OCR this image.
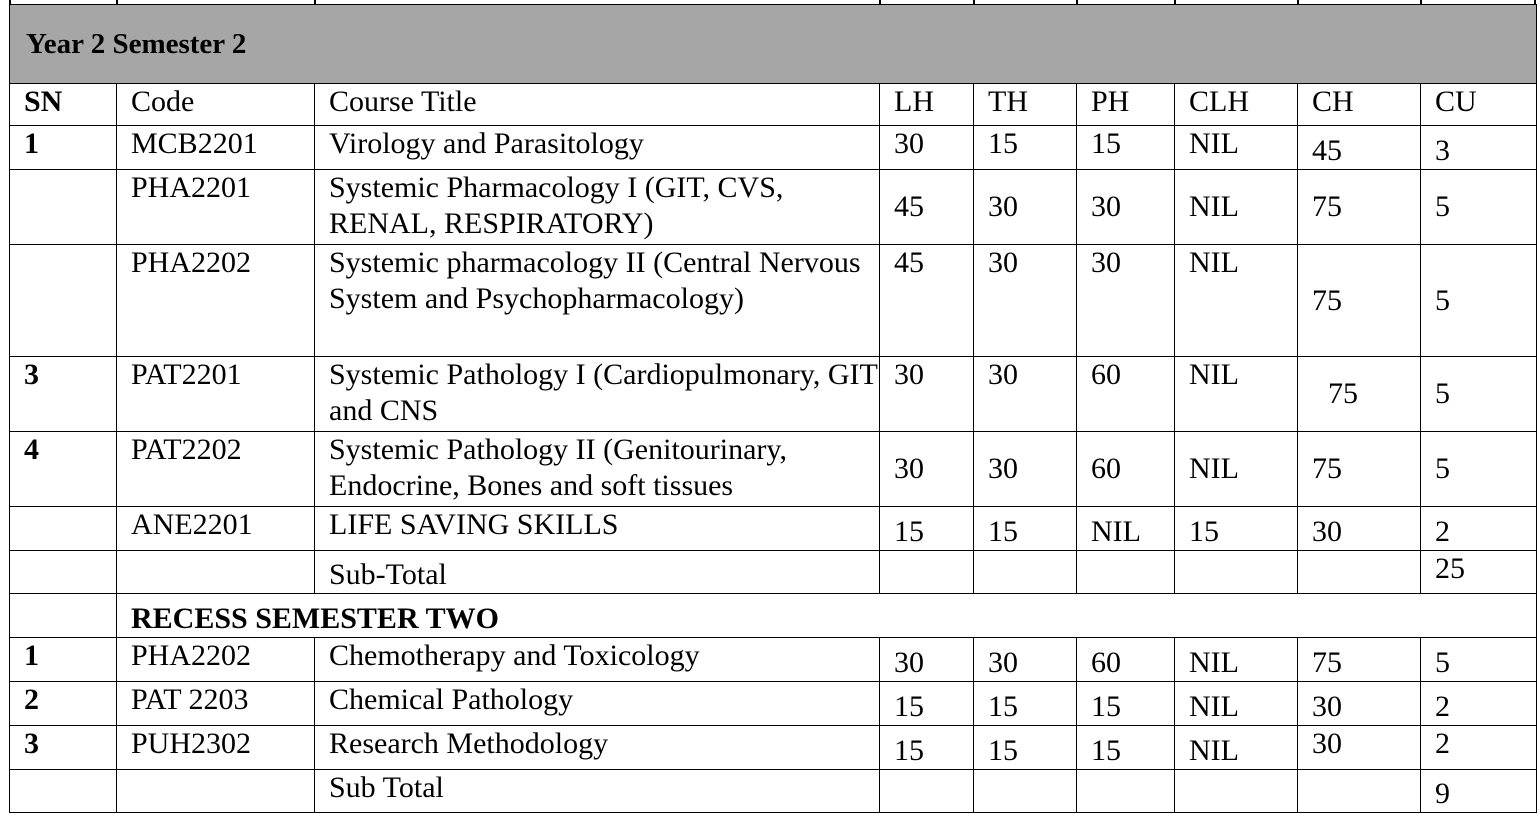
Year 2 Semester 2								
SN	Code	Course Title	LH	TH	PH	CLH	CH	CU
1	MCB2201	Virology and Parasitology	30	15	15	NIL	45	3
	PHA2201	Systemic Pharmacology I (GIT, CVS, RENAL, RESPIRATORY)	45	30	30	NIL	75	5
	PHA2202	Systemic pharmacology II (Central Nervous System and Psychopharmacology)	45	30	30	NIL	75	5
3	PAT2201	Systemic Pathology I (Cardiopulmonary, GIT and CNS	30	30	60	NIL	75	5
4	PAT2202	Systemic Pathology II (Genitourinary, Endocrine, Bones and soft tissues	30	30	60	NIL	75	5
	ANE2201	LIFE SAVING SKILLS	15	15	NIL	15	30	2
		Sub-Total						25
	RECESS SEMESTER TWO							
1	PHA2202	Chemotherapy and Toxicology	30	30	60	NIL	75	5
2	PAT 2203	Chemical Pathology	15	15	15	NIL	30	2
3	PUH2302	Research Methodology	15	15	15	NIL	30	2
		Sub Total						9
